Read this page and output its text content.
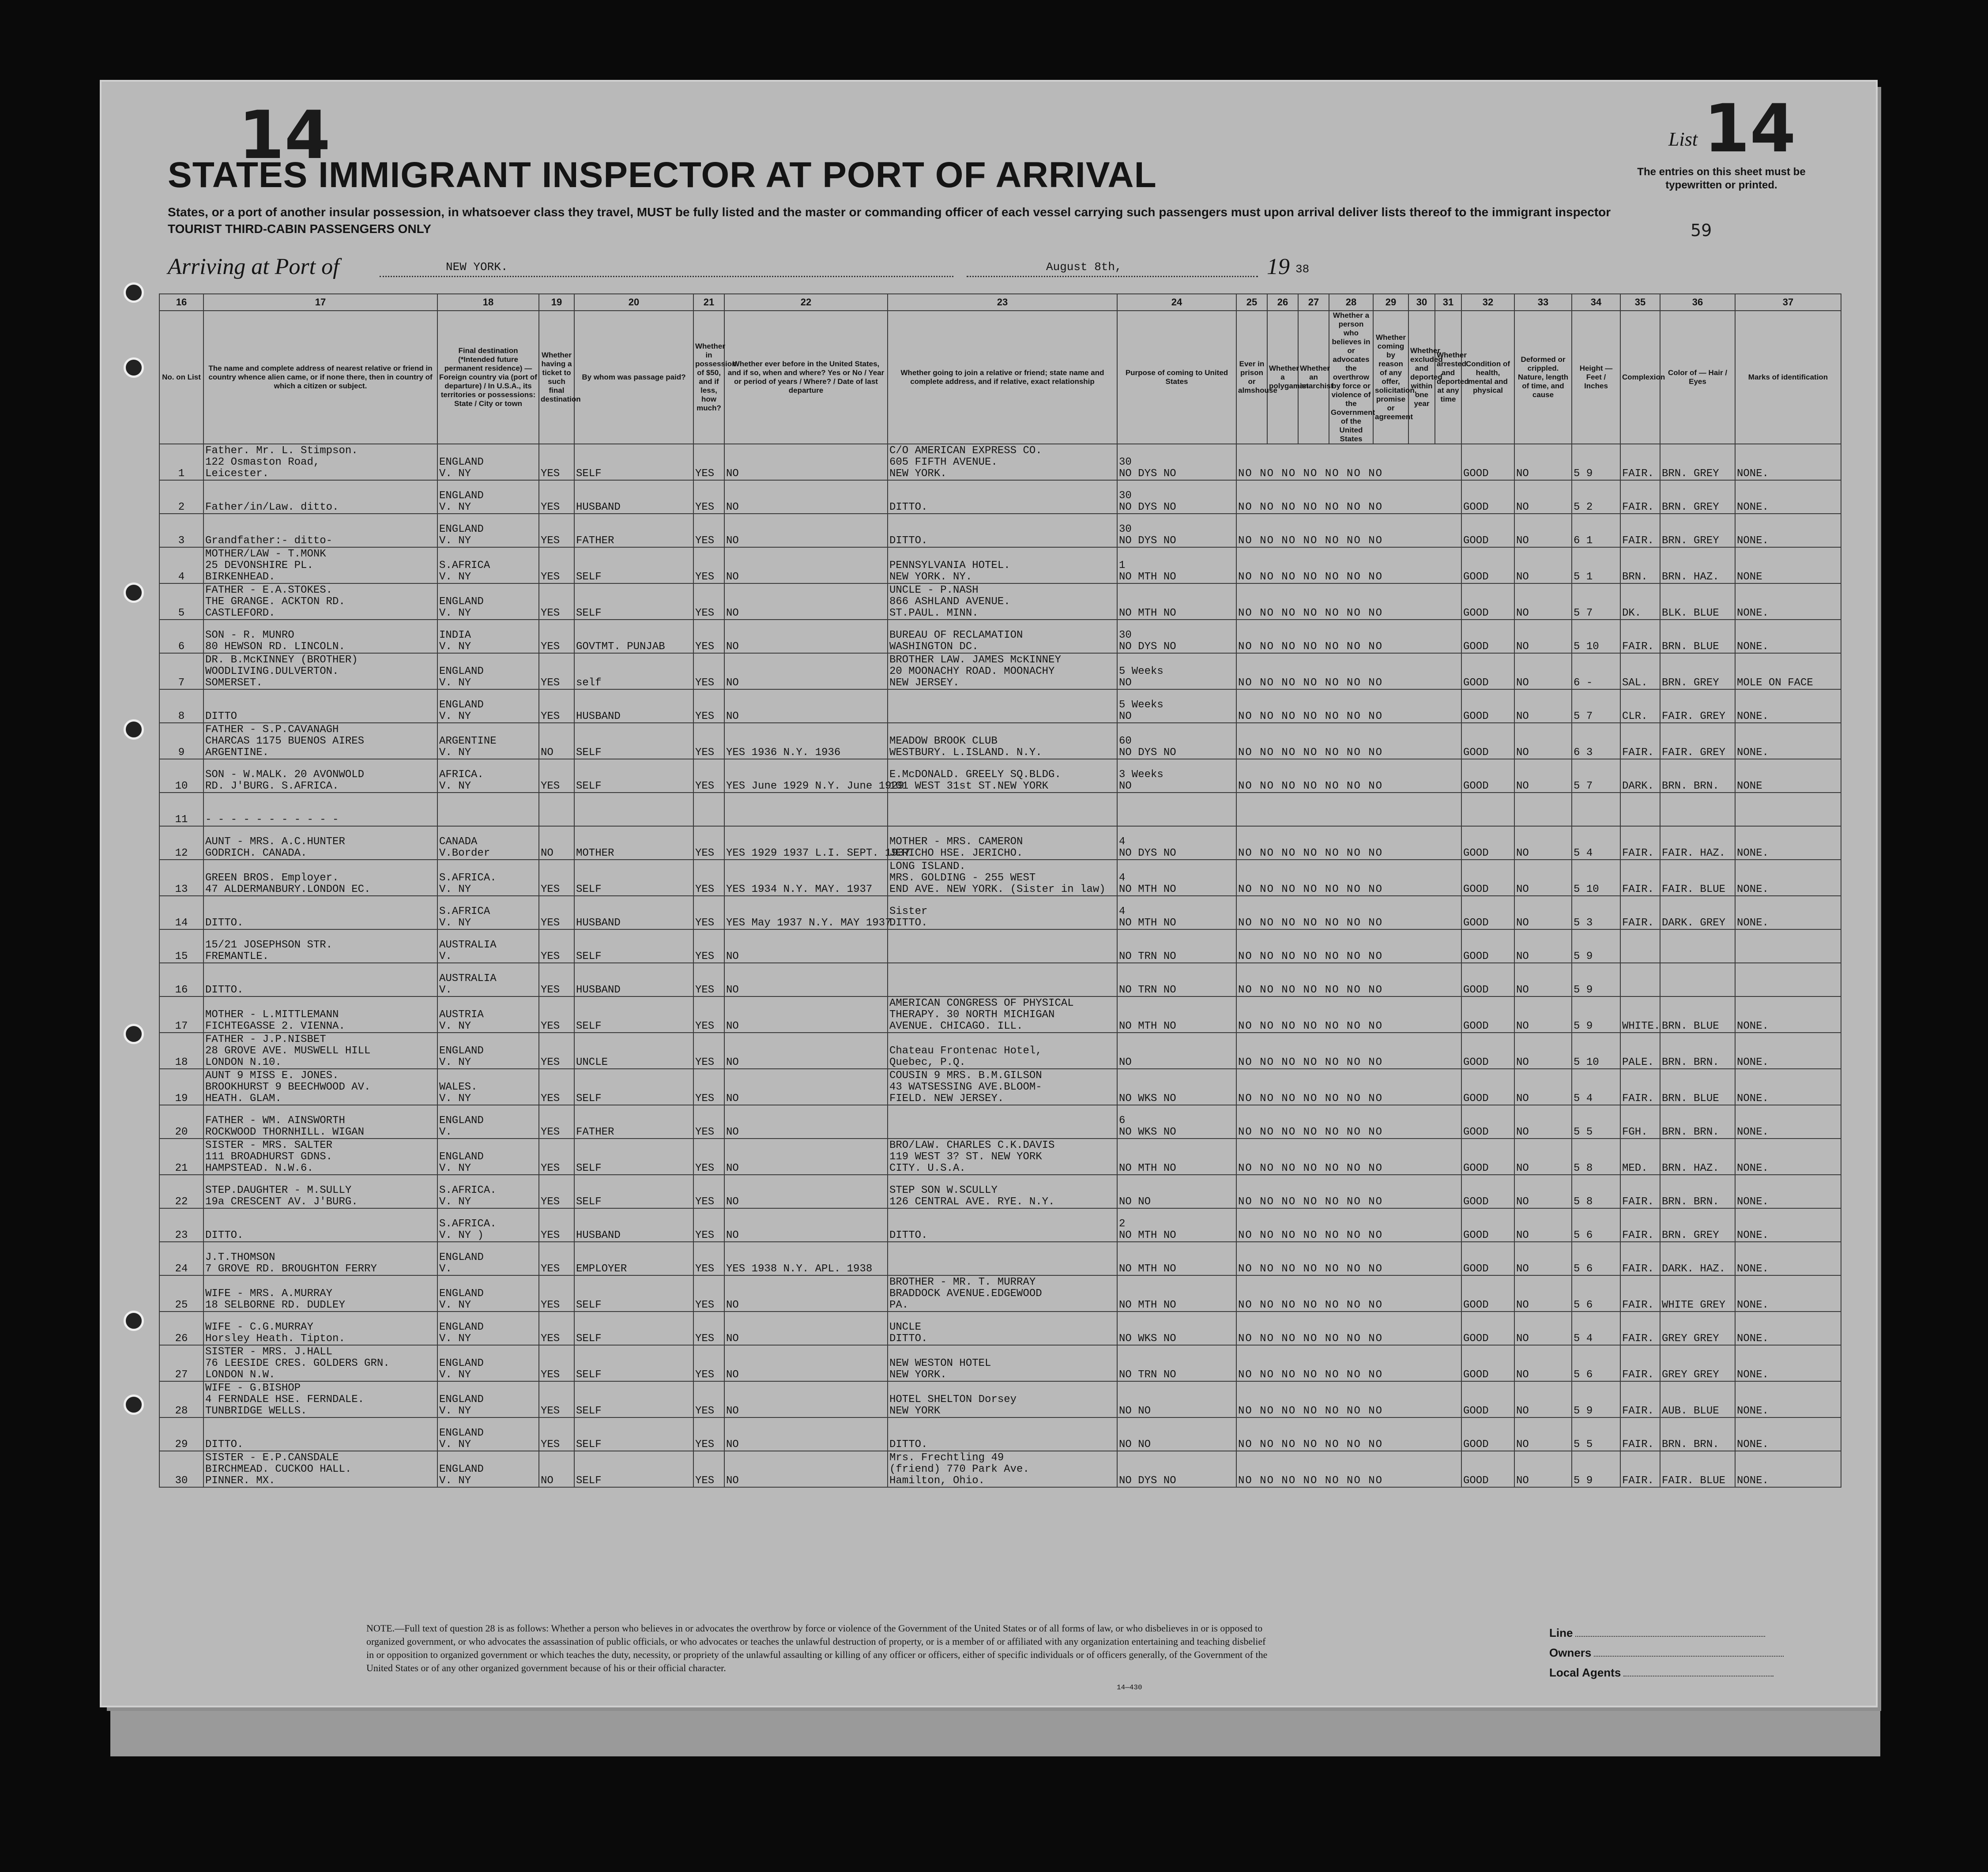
14
STATES IMMIGRANT INSPECTOR AT PORT OF ARRIVAL
States, or a port of another insular possession, in whatsoever class they travel, MUST be fully listed and the master or commanding officer of each vessel carrying such passengers must upon arrival deliver lists thereof to the immigrant inspector
TOURIST THIRD-CABIN PASSENGERS ONLY
List 14
The entries on this sheet must be typewritten or printed.
59
Arriving at Port of	NEW YORK.	August 8th,	19 38
16	17	18	19	20	21	22	23	24	25	26	27	28	29	30	31	32	33	34	35	36	37
No. on List	The name and complete address of nearest relative or friend in country whence alien came, or if none there, then in country of which a citizen or subject.	Final destination (*Intended future permanent residence) — Foreign country via (port of departure) / In U.S.A., its territories or possessions: State / City or town	Whether having a ticket to such final destination	By whom was passage paid?	Whether in possession of $50, and if less, how much?	Whether ever before in the United States, and if so, when and where? Yes or No / Year or period of years / Where? / Date of last departure	Whether going to join a relative or friend; state name and complete address, and if relative, exact relationship	Purpose of coming to United States	Ever in prison or almshouse	Whether a polygamist	Whether an anarchist	Whether a person who believes in or advocates the overthrow by force or violence of the Government of the United States	Whether coming by reason of any offer, solicitation, promise or agreement	Whether excluded and deported within one year	Whether arrested and deported at any time	Condition of health, mental and physical	Deformed or crippled. Nature, length of time, and cause	Height — Feet / Inches	Complexion	Color of — Hair / Eyes	Marks of identification
1	Father. Mr. L. Stimpson.
122 Osmaston Road,
Leicester.	ENGLAND
V. NY	YES	SELF	YES	NO	C/O AMERICAN EXPRESS CO.
605 FIFTH AVENUE.
NEW YORK.	30
NO DYS NO	NO NO NO NO NO NO NO							GOOD	NO	5 9	FAIR.	BRN. GREY	NONE.
2	Father/in/Law. ditto.	ENGLAND
V. NY	YES	HUSBAND	YES	NO	DITTO.	30
NO DYS NO	NO NO NO NO NO NO NO							GOOD	NO	5 2	FAIR.	BRN. GREY	NONE.
3	Grandfather:- ditto-	ENGLAND
V. NY	YES	FATHER	YES	NO	DITTO.	30
NO DYS NO	NO NO NO NO NO NO NO							GOOD	NO	6 1	FAIR.	BRN. GREY	NONE.
4	MOTHER/LAW - T.MONK
25 DEVONSHIRE PL.
BIRKENHEAD.	S.AFRICA
V. NY	YES	SELF	YES	NO	PENNSYLVANIA HOTEL.
NEW YORK. NY.	1
NO MTH NO	NO NO NO NO NO NO NO							GOOD	NO	5 1	BRN.	BRN. HAZ.	NONE
5	FATHER - E.A.STOKES.
THE GRANGE. ACKTON RD.
CASTLEFORD.	ENGLAND
V. NY	YES	SELF	YES	NO	UNCLE - P.NASH
866 ASHLAND AVENUE.
ST.PAUL. MINN.	NO MTH NO	NO NO NO NO NO NO NO							GOOD	NO	5 7	DK.	BLK. BLUE	NONE.
6	SON - R. MUNRO
80 HEWSON RD. LINCOLN.	INDIA
V. NY	YES	GOVTMT. PUNJAB	YES	NO	BUREAU OF RECLAMATION
WASHINGTON DC.	30
NO DYS NO	NO NO NO NO NO NO NO							GOOD	NO	5 10	FAIR.	BRN. BLUE	NONE.
7	DR. B.McKINNEY (BROTHER)
WOODLIVING.DULVERTON.
SOMERSET.	ENGLAND
V. NY	YES	self	YES	NO	BROTHER LAW. JAMES McKINNEY
20 MOONACHY ROAD. MOONACHY
NEW JERSEY.	5 Weeks
NO	NO NO NO NO NO NO NO							GOOD	NO	6 -	SAL.	BRN. GREY	MOLE ON FACE
8	DITTO	ENGLAND
V. NY	YES	HUSBAND	YES	NO		5 Weeks
NO	NO NO NO NO NO NO NO							GOOD	NO	5 7	CLR.	FAIR. GREY	NONE.
9	FATHER - S.P.CAVANAGH
CHARCAS 1175 BUENOS AIRES
ARGENTINE.	ARGENTINE
V. NY	NO	SELF	YES	YES 1936 N.Y. 1936	MEADOW BROOK CLUB
WESTBURY. L.ISLAND. N.Y.	60
NO DYS NO	NO NO NO NO NO NO NO							GOOD	NO	6 3	FAIR.	FAIR. GREY	NONE.
10	SON - W.MALK. 20 AVONWOLD
RD. J'BURG. S.AFRICA.	AFRICA.
V. NY	YES	SELF	YES	YES June 1929 N.Y. June 1929	E.McDONALD. GREELY SQ.BLDG.
101 WEST 31st ST.NEW YORK	3 Weeks
NO	NO NO NO NO NO NO NO							GOOD	NO	5 7	DARK.	BRN. BRN.	NONE
11	- - - - - - - - - - -																				

12	AUNT - MRS. A.C.HUNTER
GODRICH. CANADA.	CANADA
V.Border	NO	MOTHER	YES	YES 1929 1937 L.I. SEPT. 1937	MOTHER - MRS. CAMERON
JERICHO HSE. JERICHO.	4
NO DYS NO	NO NO NO NO NO NO NO							GOOD	NO	5 4	FAIR.	FAIR. HAZ.	NONE.
13	GREEN BROS. Employer.
47 ALDERMANBURY.LONDON EC.	S.AFRICA.
V. NY	YES	SELF	YES	YES 1934 N.Y. MAY. 1937	LONG ISLAND.
MRS. GOLDING - 255 WEST
END AVE. NEW YORK. (Sister in law)	4
NO MTH NO	NO NO NO NO NO NO NO							GOOD	NO	5 10	FAIR.	FAIR. BLUE	NONE.
14	DITTO.	S.AFRICA
V. NY	YES	HUSBAND	YES	YES May 1937 N.Y. MAY 1937	Sister
DITTO.	4
NO MTH NO	NO NO NO NO NO NO NO							GOOD	NO	5 3	FAIR.	DARK. GREY	NONE.
15	15/21 JOSEPHSON STR.
FREMANTLE.	AUSTRALIA
V.	YES	SELF	YES	NO		NO TRN NO	NO NO NO NO NO NO NO							GOOD	NO	5 9			
16	DITTO.	AUSTRALIA
V.	YES	HUSBAND	YES	NO		NO TRN NO	NO NO NO NO NO NO NO							GOOD	NO	5 9			
17	MOTHER - L.MITTLEMANN
FICHTEGASSE 2. VIENNA.	AUSTRIA
V. NY	YES	SELF	YES	NO	AMERICAN CONGRESS OF PHYSICAL
THERAPY. 30 NORTH MICHIGAN
AVENUE. CHICAGO. ILL.	NO MTH NO	NO NO NO NO NO NO NO							GOOD	NO	5 9	WHITE.	BRN. BLUE	NONE.
18	FATHER - J.P.NISBET
28 GROVE AVE. MUSWELL HILL
LONDON N.10.	ENGLAND
V. NY	YES	UNCLE	YES	NO	Chateau Frontenac Hotel,
Quebec, P.Q.	NO	NO NO NO NO NO NO NO							GOOD	NO	5 10	PALE.	BRN. BRN.	NONE.
19	AUNT 9 MISS E. JONES.
BROOKHURST 9 BEECHWOOD AV.
HEATH. GLAM.	WALES.
V. NY	YES	SELF	YES	NO	COUSIN 9 MRS. B.M.GILSON
43 WATSESSING AVE.BLOOM-
FIELD. NEW JERSEY.	NO WKS NO	NO NO NO NO NO NO NO							GOOD	NO	5 4	FAIR.	BRN. BLUE	NONE.
20	FATHER - WM. AINSWORTH
ROCKWOOD THORNHILL. WIGAN	ENGLAND
V.	YES	FATHER	YES	NO		6
NO WKS NO	NO NO NO NO NO NO NO							GOOD	NO	5 5	FGH.	BRN. BRN.	NONE.
21	SISTER - MRS. SALTER
111 BROADHURST GDNS.
HAMPSTEAD. N.W.6.	ENGLAND
V. NY	YES	SELF	YES	NO	BRO/LAW. CHARLES C.K.DAVIS
119 WEST 3? ST. NEW YORK
CITY. U.S.A.	NO MTH NO	NO NO NO NO NO NO NO							GOOD	NO	5 8	MED.	BRN. HAZ.	NONE.
22	STEP.DAUGHTER - M.SULLY
19a CRESCENT AV. J'BURG.	S.AFRICA.
V. NY	YES	SELF	YES	NO	STEP SON W.SCULLY
126 CENTRAL AVE. RYE. N.Y.	NO NO	NO NO NO NO NO NO NO							GOOD	NO	5 8	FAIR.	BRN. BRN.	NONE.
23	DITTO.	S.AFRICA.
V. NY )	YES	HUSBAND	YES	NO	DITTO.	2
NO MTH NO	NO NO NO NO NO NO NO							GOOD	NO	5 6	FAIR.	BRN. GREY	NONE.
24	J.T.THOMSON
7 GROVE RD. BROUGHTON FERRY	ENGLAND
V.	YES	EMPLOYER	YES	YES 1938 N.Y. APL. 1938		NO MTH NO	NO NO NO NO NO NO NO							GOOD	NO	5 6	FAIR.	DARK. HAZ.	NONE.
25	WIFE - MRS. A.MURRAY
18 SELBORNE RD. DUDLEY	ENGLAND
V. NY	YES	SELF	YES	NO	BROTHER - MR. T. MURRAY
BRADDOCK AVENUE.EDGEWOOD
PA.	NO MTH NO	NO NO NO NO NO NO NO							GOOD	NO	5 6	FAIR.	WHITE GREY	NONE.
26	WIFE - C.G.MURRAY
Horsley Heath. Tipton.	ENGLAND
V. NY	YES	SELF	YES	NO	UNCLE
DITTO.	NO WKS NO	NO NO NO NO NO NO NO							GOOD	NO	5 4	FAIR.	GREY GREY	NONE.
27	SISTER - MRS. J.HALL
76 LEESIDE CRES. GOLDERS GRN.
LONDON N.W.	ENGLAND
V. NY	YES	SELF	YES	NO	NEW WESTON HOTEL
NEW YORK.	NO TRN NO	NO NO NO NO NO NO NO							GOOD	NO	5 6	FAIR.	GREY GREY	NONE.
28	WIFE - G.BISHOP
4 FERNDALE HSE. FERNDALE.
TUNBRIDGE WELLS.	ENGLAND
V. NY	YES	SELF	YES	NO	HOTEL SHELTON Dorsey
NEW YORK	NO NO	NO NO NO NO NO NO NO							GOOD	NO	5 9	FAIR.	AUB. BLUE	NONE.
29	DITTO.	ENGLAND
V. NY	YES	SELF	YES	NO	DITTO.	NO NO	NO NO NO NO NO NO NO							GOOD	NO	5 5	FAIR.	BRN. BRN.	NONE.
30	SISTER - E.P.CANSDALE
BIRCHMEAD. CUCKOO HALL.
PINNER. MX.	ENGLAND
V. NY	NO	SELF	YES	NO	Mrs. Frechtling 49
(friend) 770 Park Ave.
Hamilton, Ohio.	NO DYS NO	NO NO NO NO NO NO NO							GOOD	NO	5 9	FAIR.	FAIR. BLUE	NONE.
NOTE.—Full text of question 28 is as follows: Whether a person who believes in or advocates the overthrow by force or violence of the Government of the United States or of all forms of law, or who disbelieves in or is opposed to organized government, or who advocates the assassination of public officials, or who advocates or teaches the unlawful destruction of property, or is a member of or affiliated with any organization entertaining and teaching disbelief in or opposition to organized government or which teaches the duty, necessity, or propriety of the unlawful assaulting or killing of any officer or officers, either of specific individuals or of officers generally, of the Government of the United States or of any other organized government because of his or their official character.
14—430
Line
Owners
Local Agents
